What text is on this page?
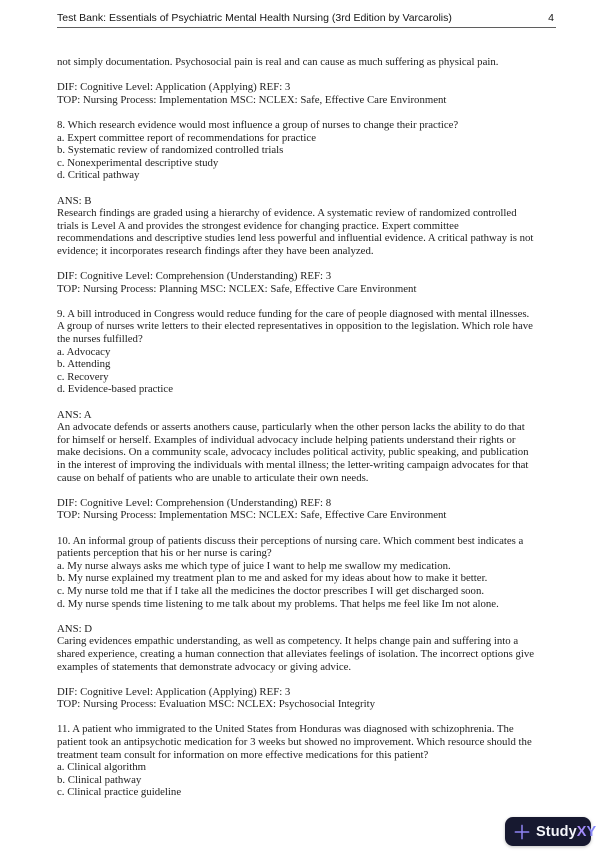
Test Bank: Essentials of Psychiatric Mental Health Nursing (3rd Edition by Varcarolis)	4
not simply documentation. Psychosocial pain is real and can cause as much suffering as physical pain.
DIF: Cognitive Level: Application (Applying) REF: 3
TOP: Nursing Process: Implementation MSC: NCLEX: Safe, Effective Care Environment
8. Which research evidence would most influence a group of nurses to change their practice?
a. Expert committee report of recommendations for practice
b. Systematic review of randomized controlled trials
c. Nonexperimental descriptive study
d. Critical pathway
ANS: B
Research findings are graded using a hierarchy of evidence. A systematic review of randomized controlled
trials is Level A and provides the strongest evidence for changing practice. Expert committee
recommendations and descriptive studies lend less powerful and influential evidence. A critical pathway is not
evidence; it incorporates research findings after they have been analyzed.
DIF: Cognitive Level: Comprehension (Understanding) REF: 3
TOP: Nursing Process: Planning MSC: NCLEX: Safe, Effective Care Environment
9. A bill introduced in Congress would reduce funding for the care of people diagnosed with mental illnesses.
A group of nurses write letters to their elected representatives in opposition to the legislation. Which role have
the nurses fulfilled?
a. Advocacy
b. Attending
c. Recovery
d. Evidence-based practice
ANS: A
An advocate defends or asserts anothers cause, particularly when the other person lacks the ability to do that
for himself or herself. Examples of individual advocacy include helping patients understand their rights or
make decisions. On a community scale, advocacy includes political activity, public speaking, and publication
in the interest of improving the individuals with mental illness; the letter-writing campaign advocates for that
cause on behalf of patients who are unable to articulate their own needs.
DIF: Cognitive Level: Comprehension (Understanding) REF: 8
TOP: Nursing Process: Implementation MSC: NCLEX: Safe, Effective Care Environment
10. An informal group of patients discuss their perceptions of nursing care. Which comment best indicates a
patients perception that his or her nurse is caring?
a. My nurse always asks me which type of juice I want to help me swallow my medication.
b. My nurse explained my treatment plan to me and asked for my ideas about how to make it better.
c. My nurse told me that if I take all the medicines the doctor prescribes I will get discharged soon.
d. My nurse spends time listening to me talk about my problems. That helps me feel like Im not alone.
ANS: D
Caring evidences empathic understanding, as well as competency. It helps change pain and suffering into a
shared experience, creating a human connection that alleviates feelings of isolation. The incorrect options give
examples of statements that demonstrate advocacy or giving advice.
DIF: Cognitive Level: Application (Applying) REF: 3
TOP: Nursing Process: Evaluation MSC: NCLEX: Psychosocial Integrity
11. A patient who immigrated to the United States from Honduras was diagnosed with schizophrenia. The
patient took an antipsychotic medication for 3 weeks but showed no improvement. Which resource should the
treatment team consult for information on more effective medications for this patient?
a. Clinical algorithm
b. Clinical pathway
c. Clinical practice guideline
StudyXY
